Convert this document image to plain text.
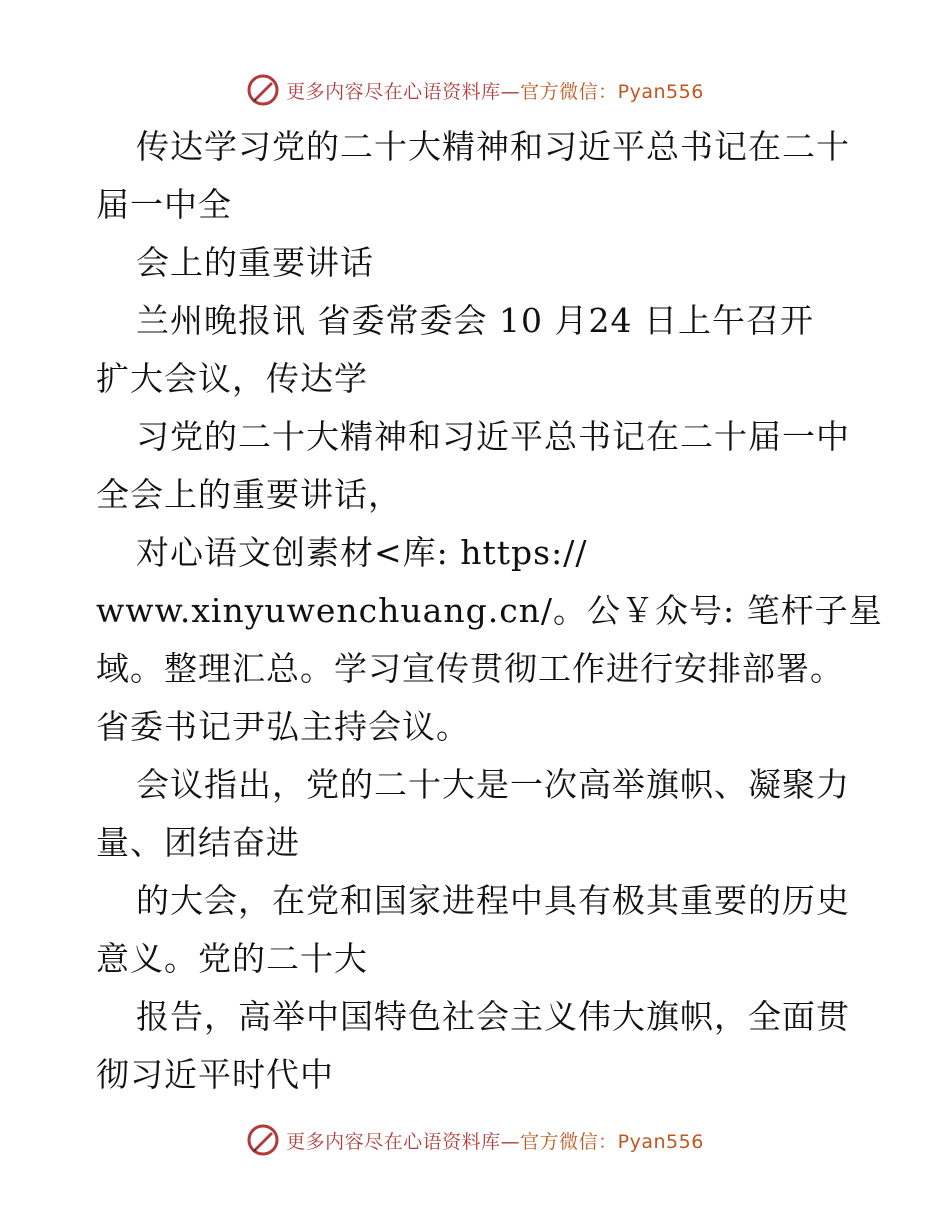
更多内容尽在心语资料库—官方微信：Pyan556
传达学习党的二十大精神和习近平总书记在二十
届一中全
会上的重要讲话
兰州晚报讯 省委常委会 10 月24 日上午召开
扩大会议，传达学
习党的二十大精神和习近平总书记在二十届一中
全会上的重要讲话，
对心语文创素材<库: https://
www.xinyuwenchuang.cn/。公￥众号: 笔杆子星
域。整理汇总。学习宣传贯彻工作进行安排部署。
省委书记尹弘主持会议。
会议指出，党的二十大是一次高举旗帜、凝聚力
量、团结奋进
的大会，在党和国家进程中具有极其重要的历史
意义。党的二十大
报告，高举中国特色社会主义伟大旗帜，全面贯
彻习近平时代中
更多内容尽在心语资料库—官方微信：Pyan556
